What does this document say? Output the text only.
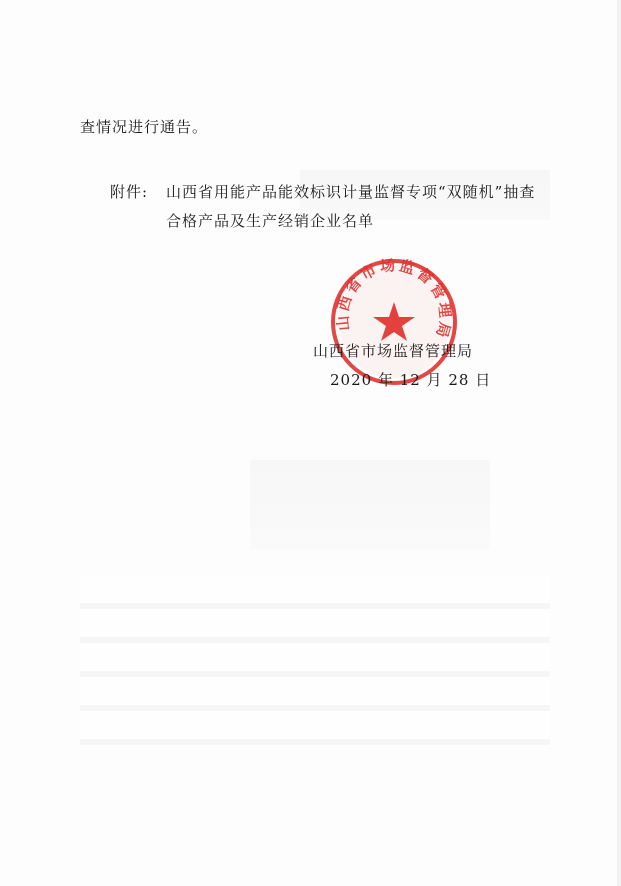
查情况进行通告。
附件: 山西省用能产品能效标识计量监督专项“双随机”抽查
合格产品及生产经销企业名单
山西省市场监督管理局
山西省市场监督管理局
2020 年 12 月 28 日
